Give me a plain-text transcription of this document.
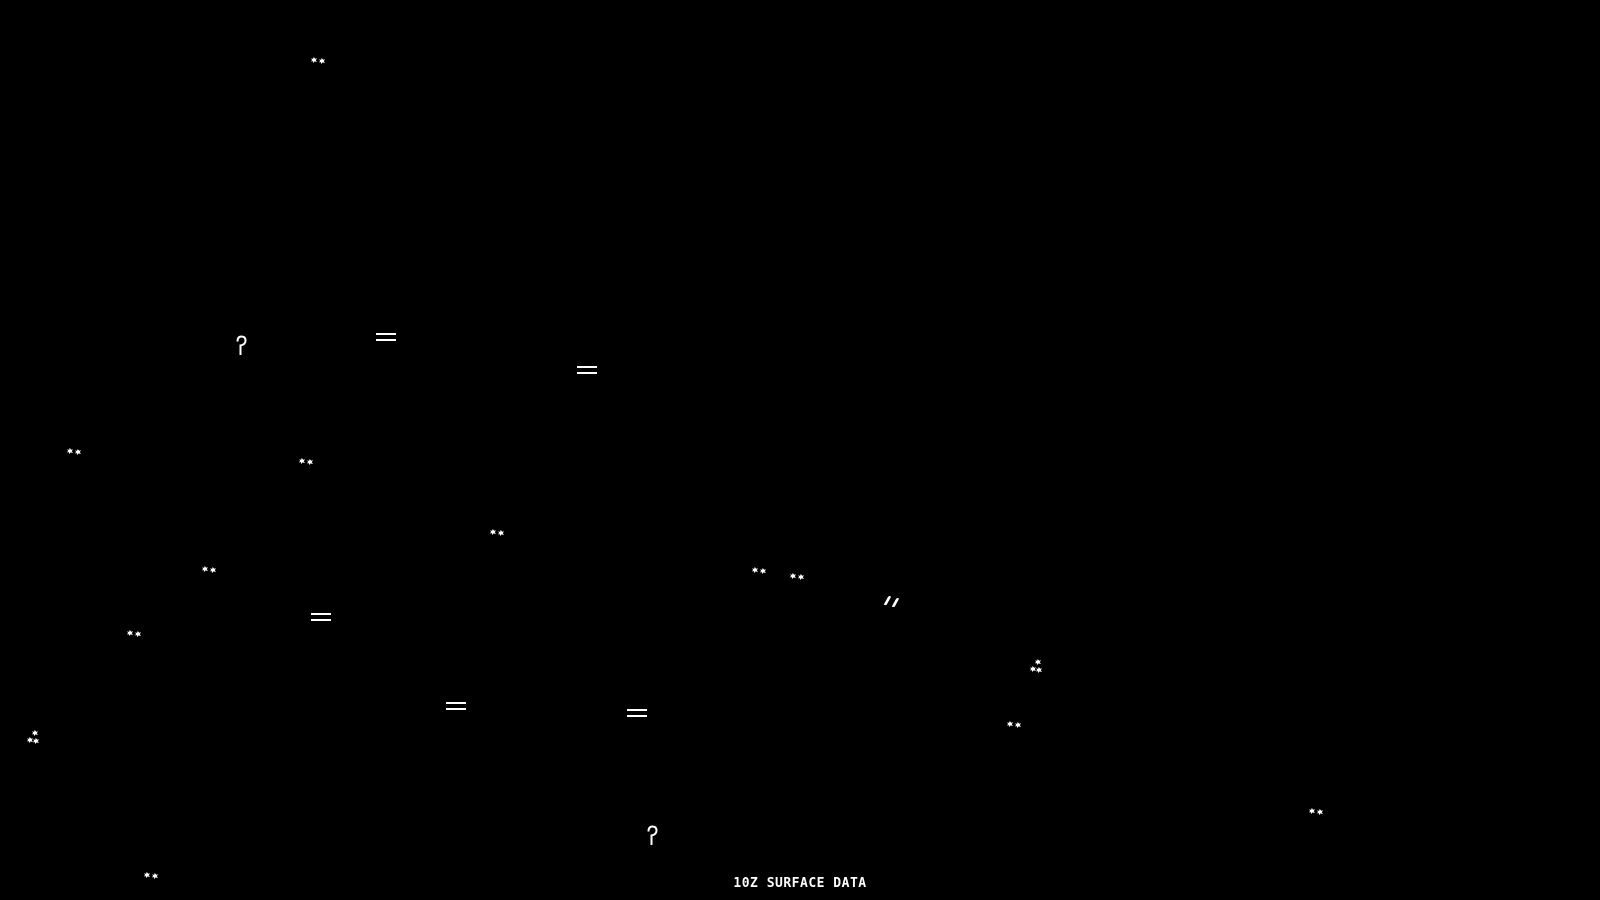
10Z SURFACE DATA
